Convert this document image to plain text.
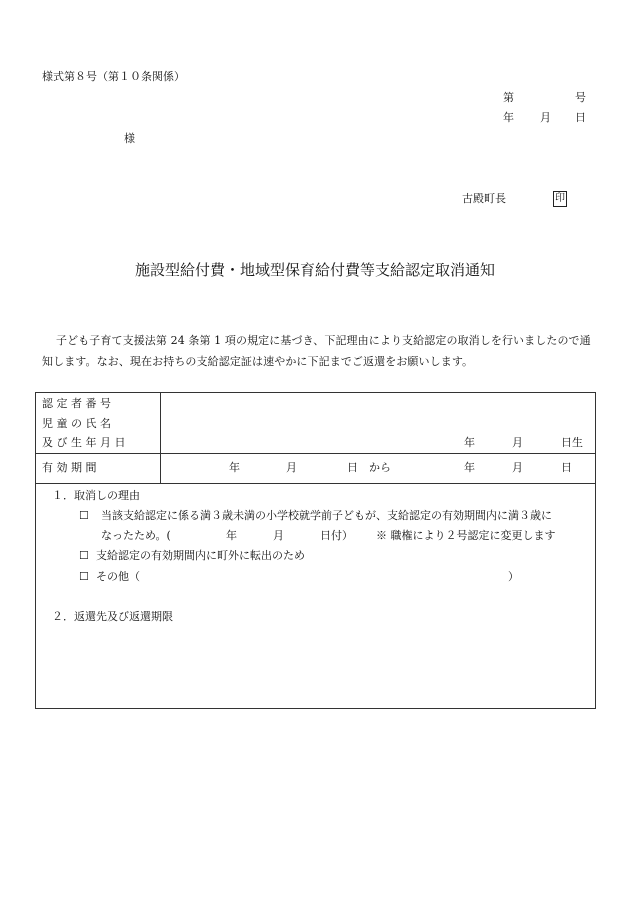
様式第８号（第１０条関係）
第	号
年 月 日
様
古殿町長	印
施設型給付費・地域型保育給付費等支給認定取消通知
子ども子育て支援法第 24 条第 1 項の規定に基づき、下記理由により支給認定の取消しを行いましたので通知します。なお、現在お持ちの支給認定証は速やかに下記までご返還をお願いします。
認 定 者 番 号
児 童 の 氏 名
及 び 生 年 月 日	年	月	日生
有 効 期 間	年	月	日 から	年	月	日
１．取消しの理由
☐ 当該支給認定に係る満３歳未満の小学校就学前子どもが、支給認定の有効期間内に満３歳に
なったため。(	年	月	日付） ※ 職権により２号認定に変更します
☐ 支給認定の有効期間内に町外に転出のため
☐ その他（	）
２．返還先及び返還期限
